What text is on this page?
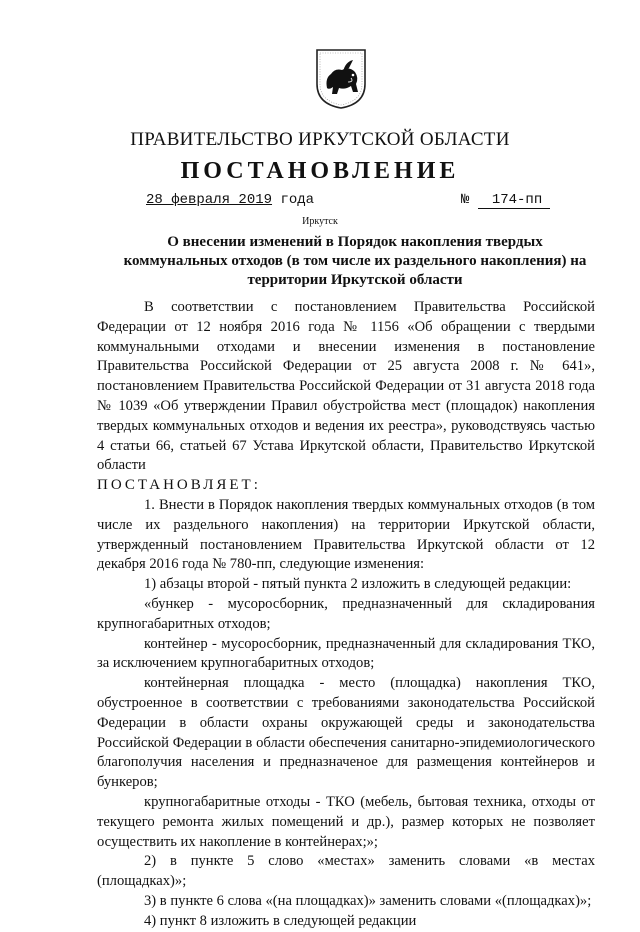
ПРАВИТЕЛЬСТВО ИРКУТСКОЙ ОБЛАСТИ
ПОСТАНОВЛЕНИЕ
28 февраля 2019 года	№ 174-пп
Иркутск
О внесении изменений в Порядок накопления твердых коммунальных отходов (в том числе их раздельного накопления) на территории Иркутской области

В соответствии с постановлением Правительства Российской Федерации от 12 ноября 2016 года № 1156 «Об обращении с твердыми коммунальными отходами и внесении изменения в постановление Правительства Российской Федерации от 25 августа 2008 г. № 641», постановлением Правительства Российской Федерации от 31 августа 2018 года № 1039 «Об утверждении Правил обустройства мест (площадок) накопления твердых коммунальных отходов и ведения их реестра», руководствуясь частью 4 статьи 66, статьей 67 Устава Иркутской области, Правительство Иркутской области

ПОСТАНОВЛЯЕТ:

1. Внести в Порядок накопления твердых коммунальных отходов (в том числе их раздельного накопления) на территории Иркутской области, утвержденный постановлением Правительства Иркутской области от 12 декабря 2016 года № 780-пп, следующие изменения:

1) абзацы второй - пятый пункта 2 изложить в следующей редакции:

«бункер - мусоросборник, предназначенный для складирования крупногабаритных отходов;

контейнер - мусоросборник, предназначенный для складирования ТКО, за исключением крупногабаритных отходов;

контейнерная площадка - место (площадка) накопления ТКО, обустроенное в соответствии с требованиями законодательства Российской Федерации в области охраны окружающей среды и законодательства Российской Федерации в области обеспечения санитарно-эпидемиологического благополучия населения и предназначеное для размещения контейнеров и бункеров;

крупногабаритные отходы - ТКО (мебель, бытовая техника, отходы от текущего ремонта жилых помещений и др.), размер которых не позволяет осуществить их накопление в контейнерах;»;

2) в пункте 5 слово «местах» заменить словами «в местах (площадках)»;

3) в пункте 6 слова «(на площадках)» заменить словами «(площадках)»;

4) пункт 8 изложить в следующей редакции
